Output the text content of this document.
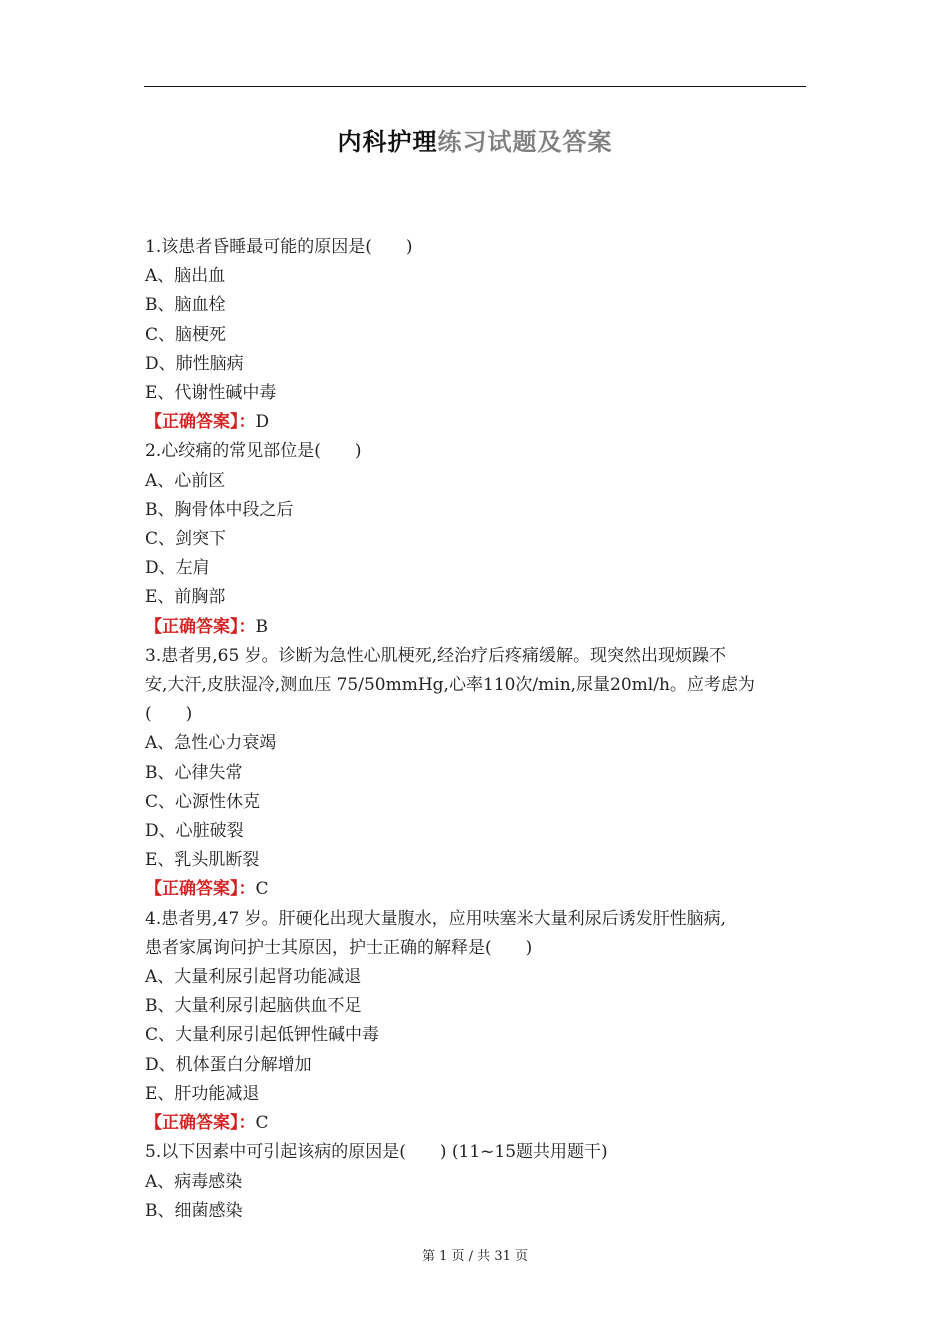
内科护理练习试题及答案
1.该患者昏睡最可能的原因是(　　)
A、脑出血
B、脑血栓
C、脑梗死
D、肺性脑病
E、代谢性碱中毒
【正确答案】：D
2.心绞痛的常见部位是(　　)
A、心前区
B、胸骨体中段之后
C、剑突下
D、左肩
E、前胸部
【正确答案】：B
3.患者男,65 岁。诊断为急性心肌梗死,经治疗后疼痛缓解。现突然出现烦躁不
安,大汗,皮肤湿冷,测血压 75/50mmHg,心率110次/min,尿量20ml/h。应考虑为
(　　)
A、急性心力衰竭
B、心律失常
C、心源性休克
D、心脏破裂
E、乳头肌断裂
【正确答案】：C
4.患者男,47 岁。肝硬化出现大量腹水，应用呋塞米大量利尿后诱发肝性脑病,
患者家属询问护士其原因，护士正确的解释是(　　)
A、大量利尿引起肾功能减退
B、大量利尿引起脑供血不足
C、大量利尿引起低钾性碱中毒
D、机体蛋白分解增加
E、肝功能减退
【正确答案】：C
5.以下因素中可引起该病的原因是(　　) (11~15题共用题干)
A、病毒感染
B、细菌感染
第 1 页 / 共 31 页
